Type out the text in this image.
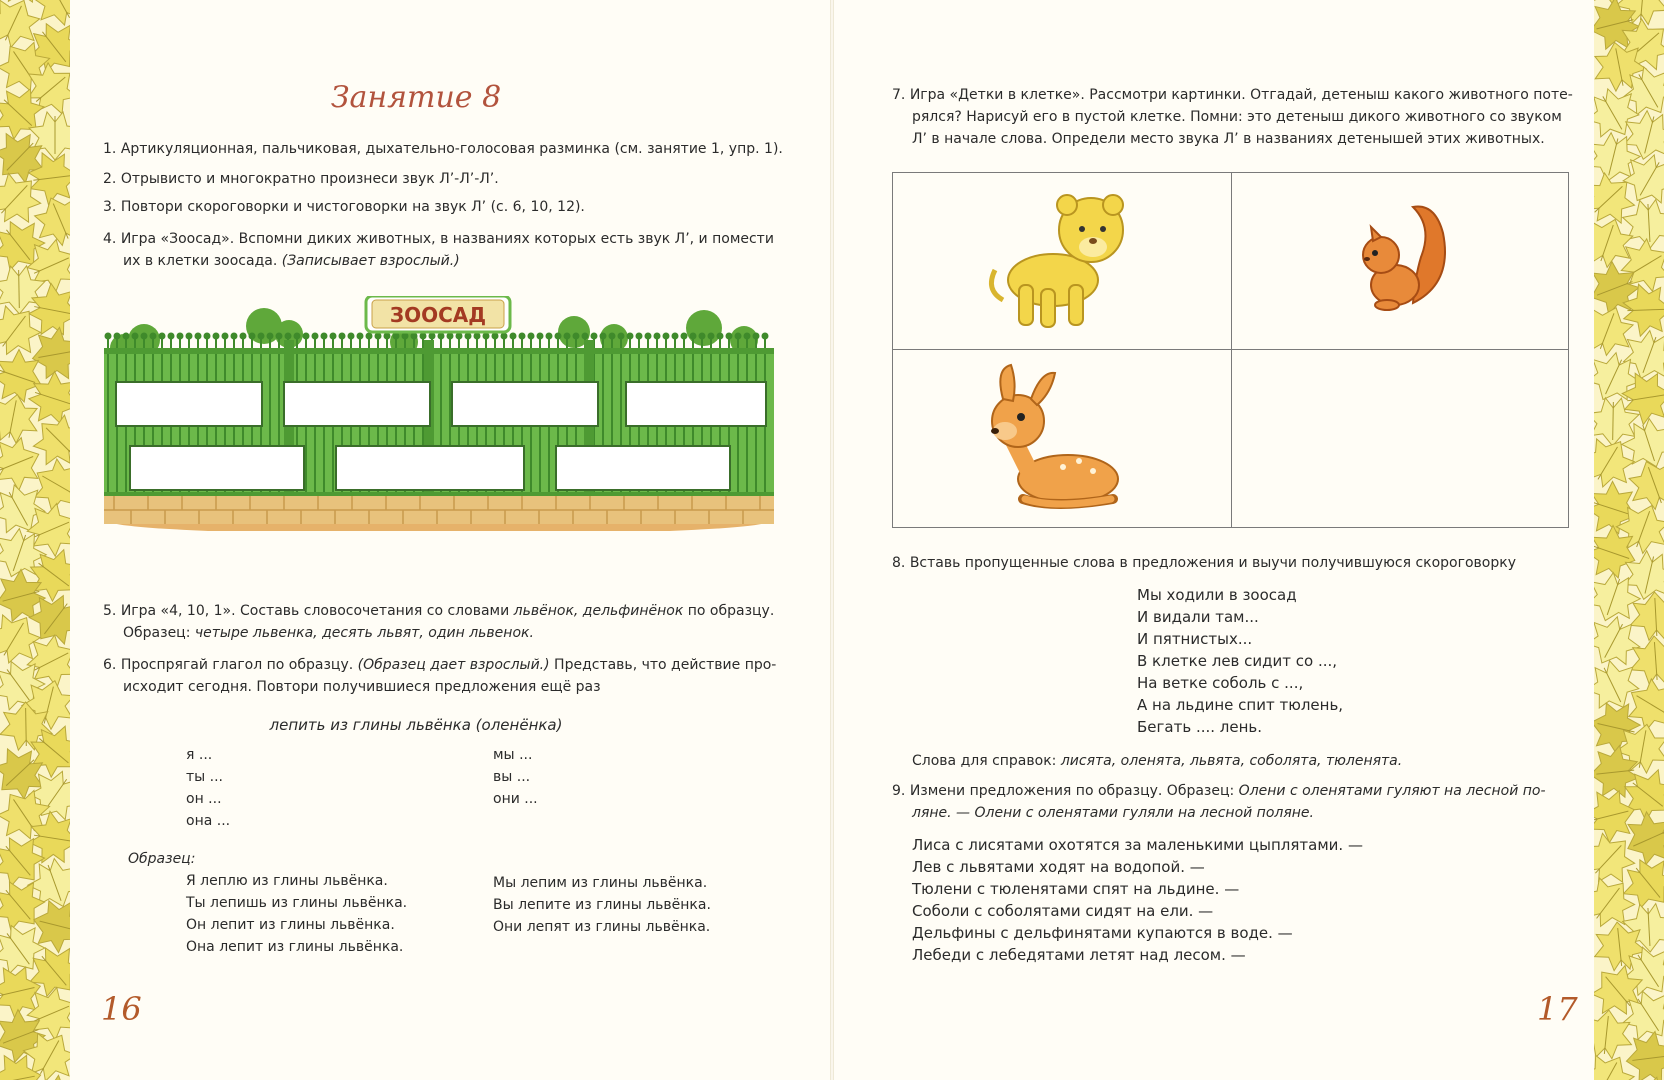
Занятие 8
1. Артикуляционная, пальчиковая, дыхательно-голосовая разминка (см. занятие 1, упр. 1).
2. Отрывисто и многократно произнеси звук Л’-Л’-Л’.
3. Повтори скороговорки и чистоговорки на звук Л’ (с. 6, 10, 12).
4. Игра «Зоосад». Вспомни диких животных, в названиях которых есть звук Л’, и помести
их в клетки зоосада. (Записывает взрослый.)
ЗООСАД
5. Игра «4, 10, 1». Составь словосочетания со словами львёнок, дельфинёнок по образцу.
Образец: четыре львенка, десять львят, один львенок.
6. Проспрягай глагол по образцу. (Образец дает взрослый.) Представь, что действие про-
исходит сегодня. Повтори получившиеся предложения ещё раз
лепить из глины львёнка (оленёнка)
я ...
ты ...
он ...
она ...
мы ...
вы ...
они ...
Образец:
Я леплю из глины львёнка.
Ты лепишь из глины львёнка.
Он лепит из глины львёнка.
Она лепит из глины львёнка.
Мы лепим из глины львёнка.
Вы лепите из глины львёнка.
Они лепят из глины львёнка.
16
7. Игра «Детки в клетке». Рассмотри картинки. Отгадай, детеныш какого животного поте-
рялся? Нарисуй его в пустой клетке. Помни: это детеныш дикого животного со звуком
Л’ в начале слова. Определи место звука Л’ в названиях детенышей этих животных.
8. Вставь пропущенные слова в предложения и выучи получившуюся скороговорку
Мы ходили в зоосад
И видали там...
И пятнистых...
В клетке лев сидит со ...,
На ветке соболь с ...,
А на льдине спит тюлень,
Бегать .... лень.
Слова для справок: лисята, оленята, львята, соболята, тюленята.
9. Измени предложения по образцу. Образец: Олени с оленятами гуляют на лесной по-
ляне. — Олени с оленятами гуляли на лесной поляне.
Лиса с лисятами охотятся за маленькими цыплятами. —
Лев с львятами ходят на водопой. —
Тюлени с тюленятами спят на льдине. —
Соболи с соболятами сидят на ели. —
Дельфины с дельфинятами купаются в воде. —
Лебеди с лебедятами летят над лесом. —
17
